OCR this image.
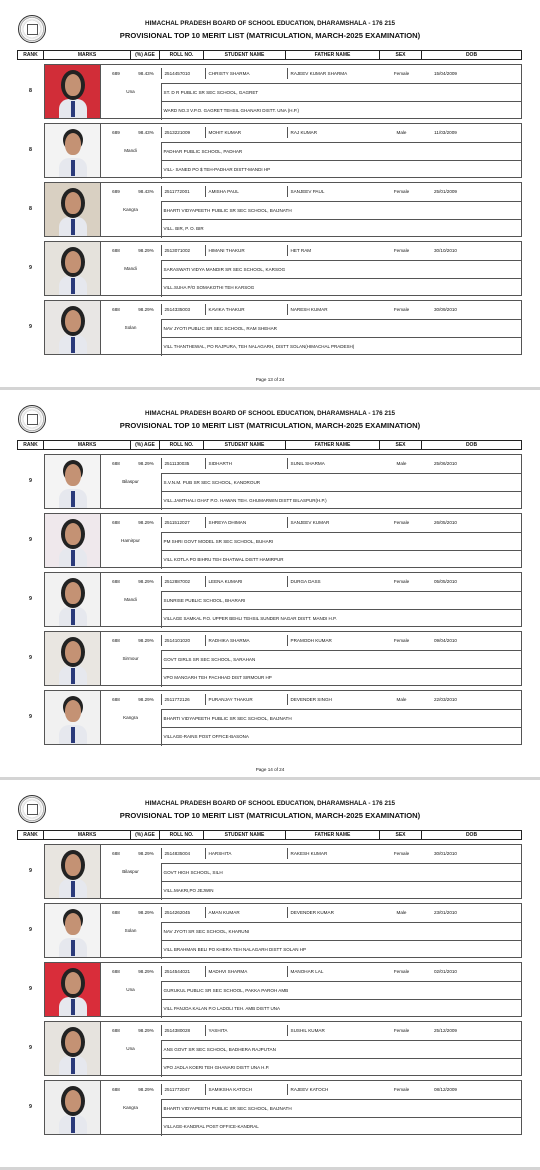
HIMACHAL PRADESH BOARD OF SCHOOL EDUCATION, DHARAMSHALA - 176 215
PROVISIONAL TOP 10 MERIT LIST (MATRICULATION, MARCH-2025 EXAMINATION)
RANK	MARKS	(%) AGE	ROLL NO.	STUDENT NAME	FATHER NAME	SEX	DOB

8
689	98.43%	2514457010	CHRISTY SHARMA	RAJEEV KUMAR SHARMA	Female	15/04/2009
Una	ST. D R PUBLIC SR SEC SCHOOL, GAGRET
WARD NO.3 V.P.O. GAGRET TEHSIL GHANARI DISTT. UNA (H.P.)

8
689	98.43%	2513221009	MOHIT KUMAR	RAJ KUMAR	Male	11/03/2009
Mandi	PADHAR PUBLIC SCHOOL, PADHAR
VILL- SANED PO $ TEH-PADHAR DISTT-MANDI HP

8
689	98.43%	2511772001	AMISHA PAUL	SANJEEV PAUL	Female	25/01/2009
Kangra	BHARTI VIDYAPEETH PUBLIC SR SEC SCHOOL, BAIJNATH
VILL. BIR, P. O. BIR

9
688	98.29%	2513071002	HIMANI THAKUR	HET RAM	Female	30/10/2010
Mandi	SARASWATI VIDYA MANDIR SR SEC SCHOOL, KARSOG
VILL.SUHA P/O SOMAKOTHI TEH KARSOG

9
688	98.29%	2514335003	KAVIKA THAKUR	NARESH KUMAR	Female	30/09/2010
Solan	NAV JYOTI PUBLIC SR SEC SCHOOL, RAM SHEHAR
VILL THANTHEWAL, PO RAJPURA, TEH NALAGARH, DISTT SOLAN(HIMACHAL PRADESH)
Page 13 of 24
HIMACHAL PRADESH BOARD OF SCHOOL EDUCATION, DHARAMSHALA - 176 215
PROVISIONAL TOP 10 MERIT LIST (MATRICULATION, MARCH-2025 EXAMINATION)
RANK	MARKS	(%) AGE	ROLL NO.	STUDENT NAME	FATHER NAME	SEX	DOB

9
688	98.29%	2511130035	SIDHARTH	SUNIL SHARMA	Male	25/06/2010
Bilaspur	S.V.N.M. PUB SR SEC SCHOOL, KANDROUR
VILL.JAMTHALI GHAT P.O. HAWAN TEH. GHUMARWIN DISTT BILASPUR(H.P.)

9
688	98.29%	2511512027	SHREYA DHIMAN	SANJEEV KUMAR	Female	26/05/2010
Hamirpur	PM SHRI GOVT MODEL SR SEC SCHOOL, BUHARI
VILL KOTLA PO BIHRU TEH DHATWAL DISTT HAMIRPUR

9
688	98.29%	2512887002	LEENA KUMARI	DURGA DASS	Female	05/05/2010
Mandi	SUNRISE PUBLIC SCHOOL, BHARARI
VILLAGE SAMKAL P.O. UPPER BEHLI TEHSIL SUNDER NAGAR DISTT. MANDI H.P.

9
688	98.29%	2514101020	RADHIKA SHARMA	PRAMODH KUMAR	Female	09/04/2010
Sirmour	GOVT GIRLS SR SEC SCHOOL, SARAHAN
VPO MANGARH TEH PACHHAD DIST SIRMOUR HP

9
688	98.29%	2511772126	PURANJAY THAKUR	DEVENDER SINGH	Male	22/03/2010
Kangra	BHARTI VIDYAPEETH PUBLIC SR SEC SCHOOL, BAIJNATH
VILLAGE-RAINS POST OFFICE-BASONA
Page 14 of 24
HIMACHAL PRADESH BOARD OF SCHOOL EDUCATION, DHARAMSHALA - 176 215
PROVISIONAL TOP 10 MERIT LIST (MATRICULATION, MARCH-2025 EXAMINATION)
RANK	MARKS	(%) AGE	ROLL NO.	STUDENT NAME	FATHER NAME	SEX	DOB

9
688	98.29%	2514835004	HARSHITA	RAKESH KUMAR	Female	30/01/2010
Bilaspur	GOVT HIGH SCHOOL, SILH
VILL.MAKRI,PO JEJWIN

9
688	98.29%	2514262045	AMAN KUMAR	DEVENDER KUMAR	Male	23/01/2010
Solan	NAV JYOTI SR SEC SCHOOL, KHARUNI
VILL BRAHMAN BELI PO KHERA TEH NALAGARH DISTT SOLAN HP

9
688	98.29%	2514544021	MADHVI SHARMA	MANOHAR LAL	Female	02/01/2010
Una	GURUKUL PUBLIC SR SEC SCHOOL, PAKKA PAROH AMB
VILL PANJOA KALAN P.O LADOLI TEH. AMB DISTT UNA

9
688	98.29%	2514380028	YASHITA	SUSHIL KUMAR	Female	25/12/2009
Una	ANS GOVT SR SEC SCHOOL, BADHERA RAJPUTAN
VPO JADLA KOERI TEH GHANARI DISTT UNA H.P.

9
688	98.29%	2511772047	SAMIKSHA KATOCH	RAJEEV KATOCH	Female	08/12/2009
Kangra	BHARTI VIDYAPEETH PUBLIC SR SEC SCHOOL, BAIJNATH
VILLAGE-KANDRAL POST OFFICE-KANDRAL
